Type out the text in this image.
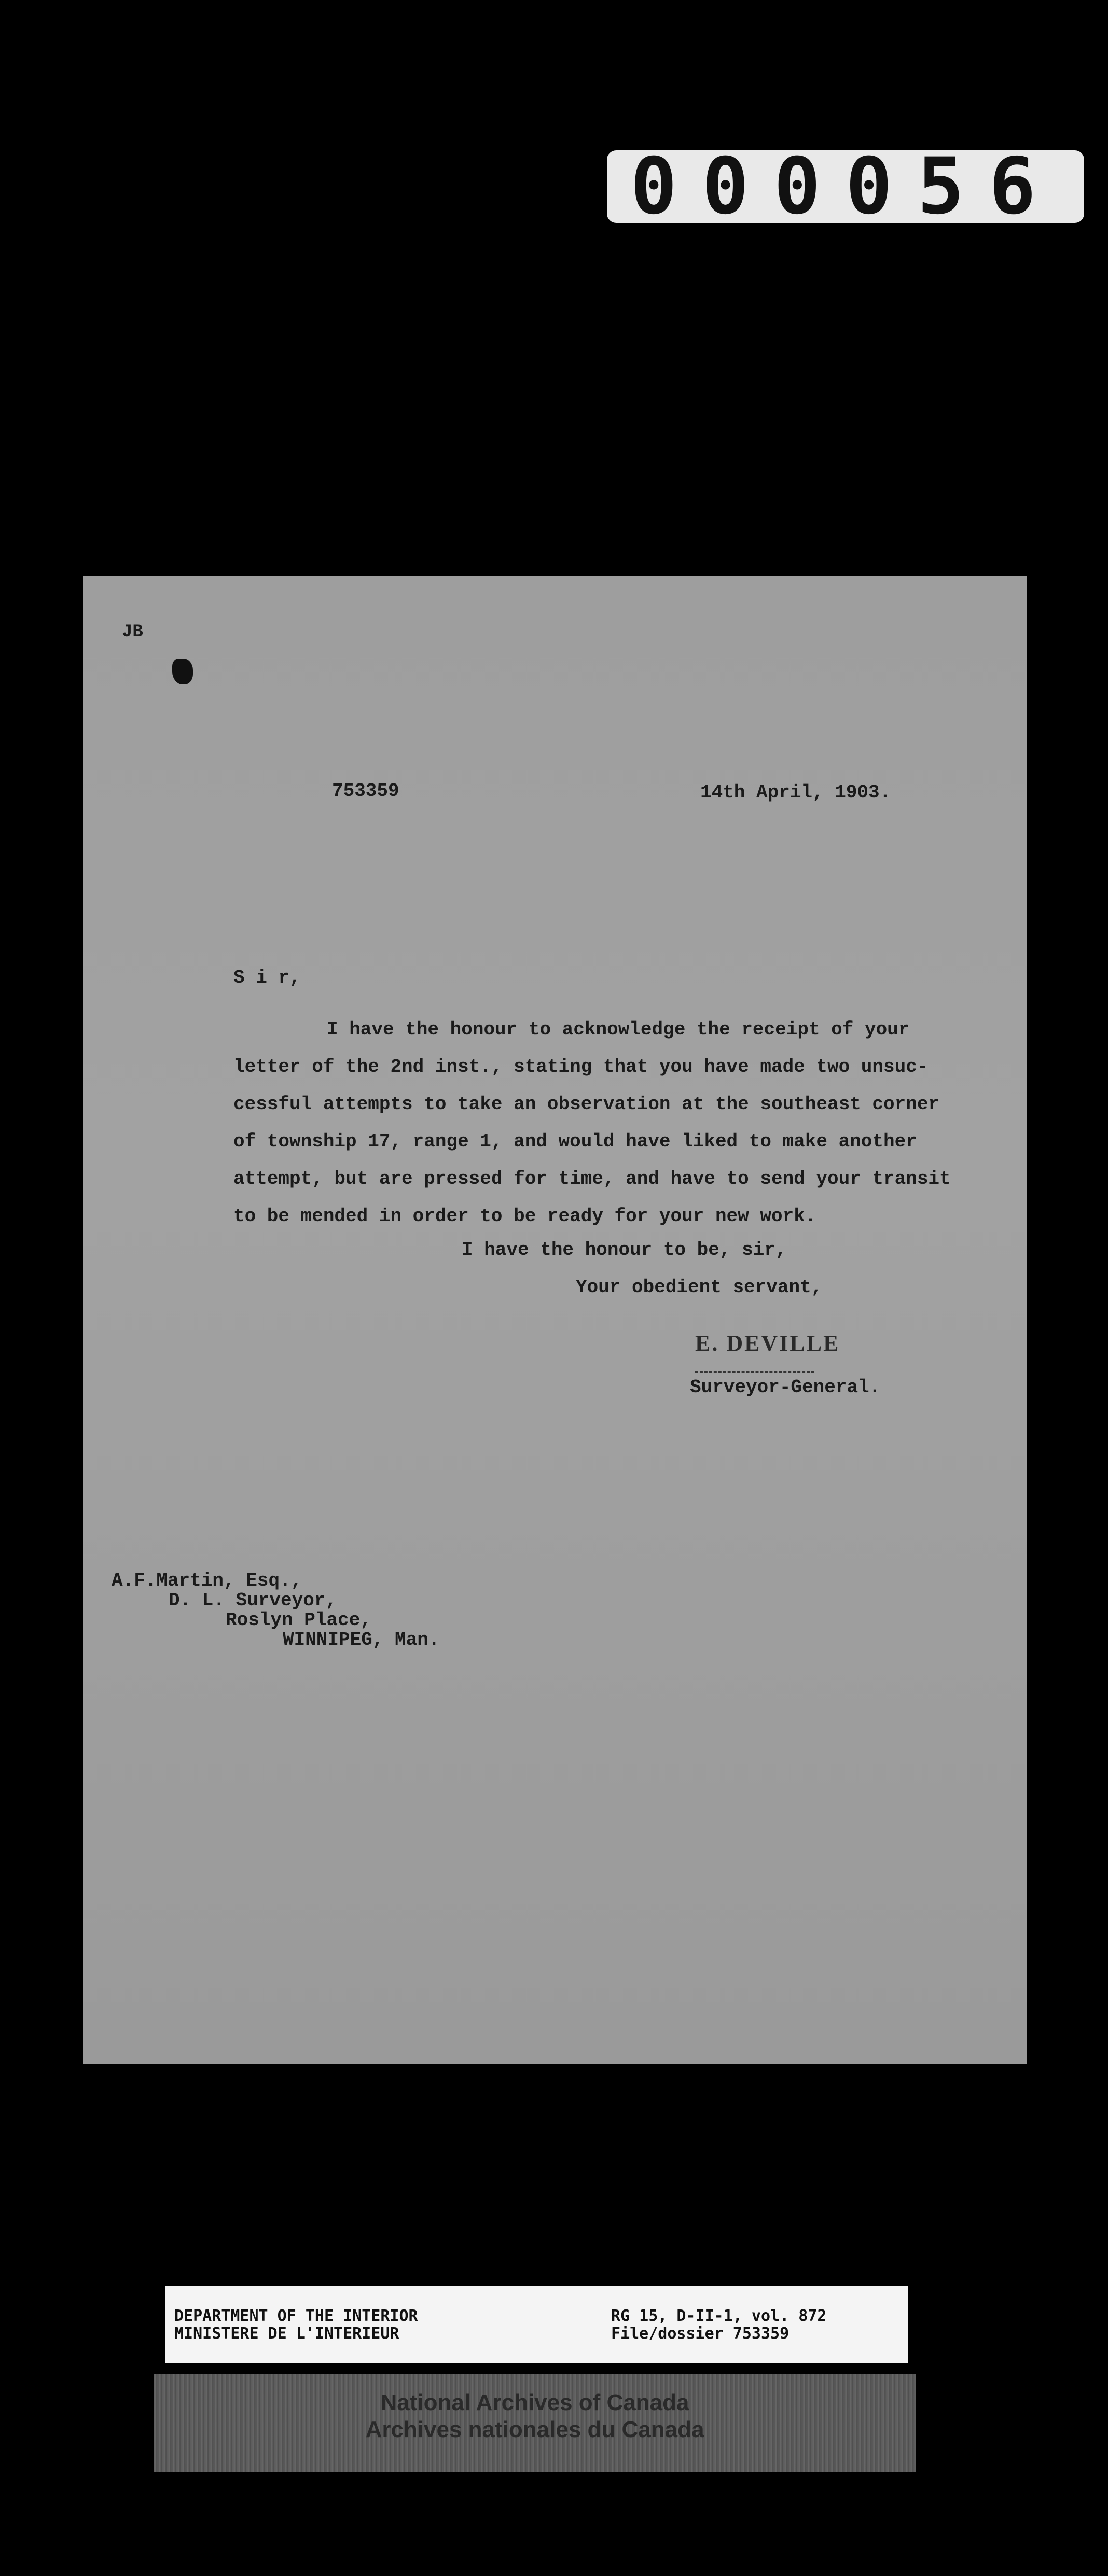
000056
JB
753359	14th April, 1903.
S i r,
I have the honour to acknowledge the receipt of your
letter of the 2nd inst., stating that you have made two unsuc-
cessful attempts to take an observation at the southeast corner
of township 17, range 1, and would have liked to make another
attempt, but are pressed for time, and have to send your transit
to be mended in order to be ready for your new work.
I have the honour to be, sir,
Your obedient servant,
E. DEVILLE
Surveyor-General.
A.F.Martin, Esq.,
D. L. Surveyor,
Roslyn Place,
WINNIPEG, Man.
DEPARTMENT OF THE INTERIOR
MINISTERE DE L'INTERIEUR
RG 15, D-II-1, vol. 872
File/dossier 753359
National Archives of Canada
Archives nationales du Canada
